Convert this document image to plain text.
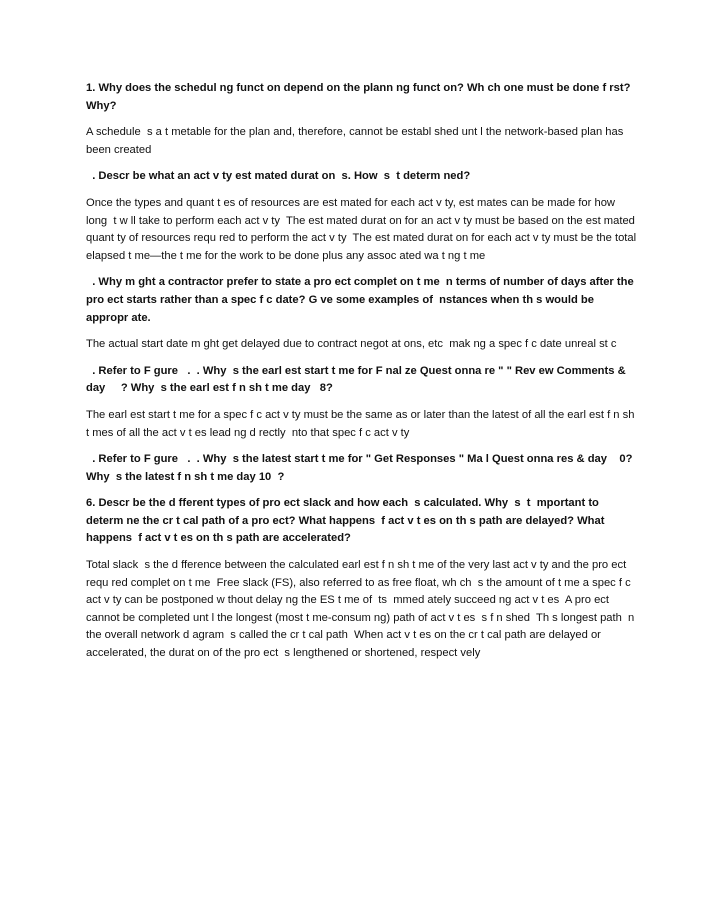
1. Why does the schedul ng funct on depend on the plann ng funct on? Wh ch one must be done f rst? Why?

A schedule  s a t metable for the plan and, therefore, cannot be establ shed unt l the network-based plan has been created

. Descr be what an act v ty est mated durat on  s. How  s  t determ ned?

Once the types and quant t es of resources are est mated for each act v ty, est mates can be made for how long  t w ll take to perform each act v ty  The est mated durat on for an act v ty must be based on the est mated quant ty of resources requ red to perform the act v ty  The est mated durat on for each act v ty must be the total elapsed t me—the t me for the work to be done plus any assoc ated wa t ng t me

. Why m ght a contractor prefer to state a pro ect complet on t me  n terms of number of days after the pro ect starts rather than a spec f c date? G ve some examples of  nstances when th s would be appropr ate.

The actual start date m ght get delayed due to contract negot at ons, etc  mak ng a spec f c date unreal st c

. Refer to F gure   .  . Why  s the earl est start t me for F nal ze Quest onna re " " Rev ew Comments & day     ? Why  s the earl est f n sh t me day   8?

The earl est start t me for a spec f c act v ty must be the same as or later than the latest of all the earl est f n sh t mes of all the act v t es lead ng d rectly  nto that spec f c act v ty

. Refer to F gure   .  . Why  s the latest start t me for " Get Responses " Ma l Quest onna res & day    0? Why  s the latest f n sh t me day 10  ?

6. Descr be the d fferent types of pro ect slack and how each  s calculated. Why  s  t  mportant to determ ne the cr t cal path of a pro ect? What happens  f act v t es on th s path are delayed? What happens  f act v t es on th s path are accelerated?

Total slack  s the d fference between the calculated earl est f n sh t me of the very last act v ty and the pro ect requ red complet on t me  Free slack (FS), also referred to as free float, wh ch  s the amount of t me a spec f c act v ty can be postponed w thout delay ng the ES t me of  ts  mmed ately succeed ng act v t es  A pro ect cannot be completed unt l the longest (most t me-consum ng) path of act v t es  s f n shed  Th s longest path  n the overall network d agram  s called the cr t cal path  When act v t es on the cr t cal path are delayed or accelerated, the durat on of the pro ect  s lengthened or shortened, respect vely
